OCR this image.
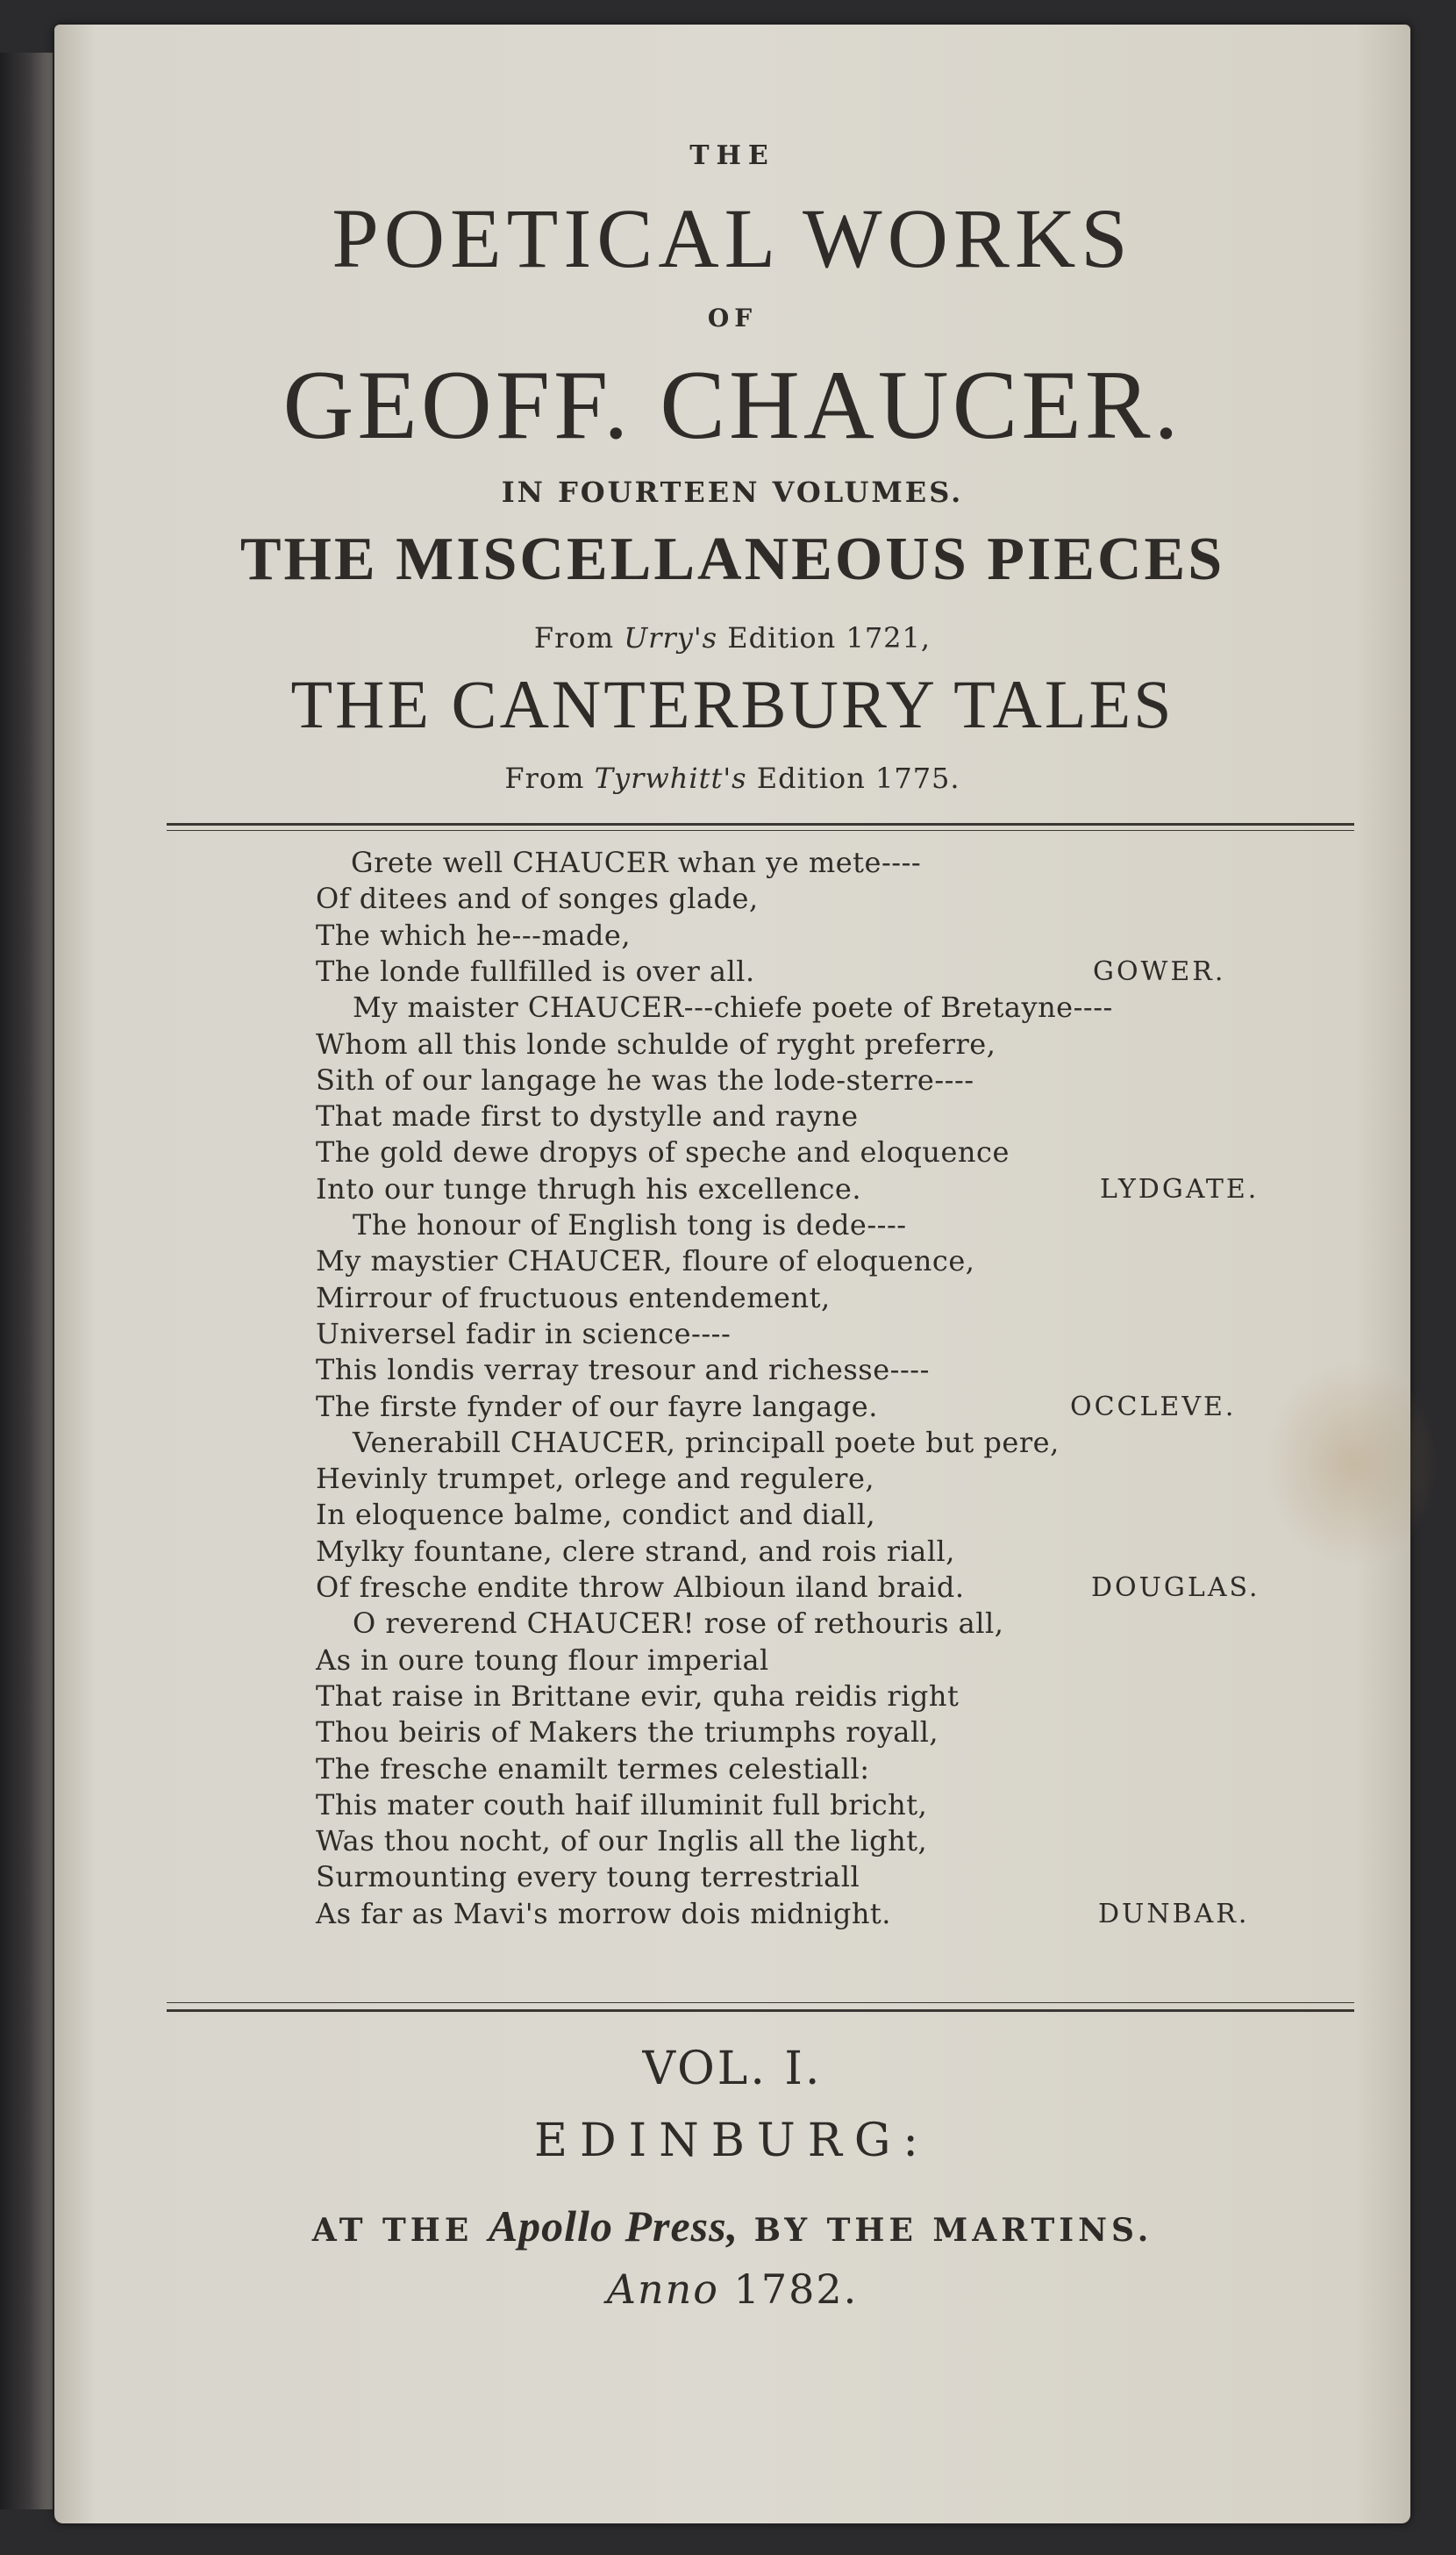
THE
POETICAL WORKS
OF
GEOFF. CHAUCER.
IN FOURTEEN VOLUMES.
THE MISCELLANEOUS PIECES
From Urry's Edition 1721,
THE CANTERBURY TALES
From Tyrwhitt's Edition 1775.
Grete well CHAUCER whan ye mete----
Of ditees and of songes glade,
The which he---made,
The londe fullfilled is over all.
My maister CHAUCER---chiefe poete of Bretayne----
Whom all this londe schulde of ryght preferre,
Sith of our langage he was the lode-sterre----
That made first to dystylle and rayne
The gold dewe dropys of speche and eloquence
Into our tunge thrugh his excellence.
The honour of English tong is dede----
My maystier CHAUCER, floure of eloquence,
Mirrour of fructuous entendement,
Universel fadir in science----
This londis verray tresour and richesse----
The firste fynder of our fayre langage.
Venerabill CHAUCER, principall poete but pere,
Hevinly trumpet, orlege and regulere,
In eloquence balme, condict and diall,
Mylky fountane, clere strand, and rois riall,
Of fresche endite throw Albioun iland braid.
O reverend CHAUCER! rose of rethouris all,
As in oure toung flour imperial
That raise in Brittane evir, quha reidis right
Thou beiris of Makers the triumphs royall,
The fresche enamilt termes celestiall:
This mater couth haif illuminit full bricht,
Was thou nocht, of our Inglis all the light,
Surmounting every toung terrestriall
As far as Mavi's morrow dois midnight.
GOWER.
LYDGATE.
OCCLEVE.
DOUGLAS.
DUNBAR.
VOL. I.
EDINBURG:
AT THE Apollo Press, BY THE MARTINS.
Anno 1782.
